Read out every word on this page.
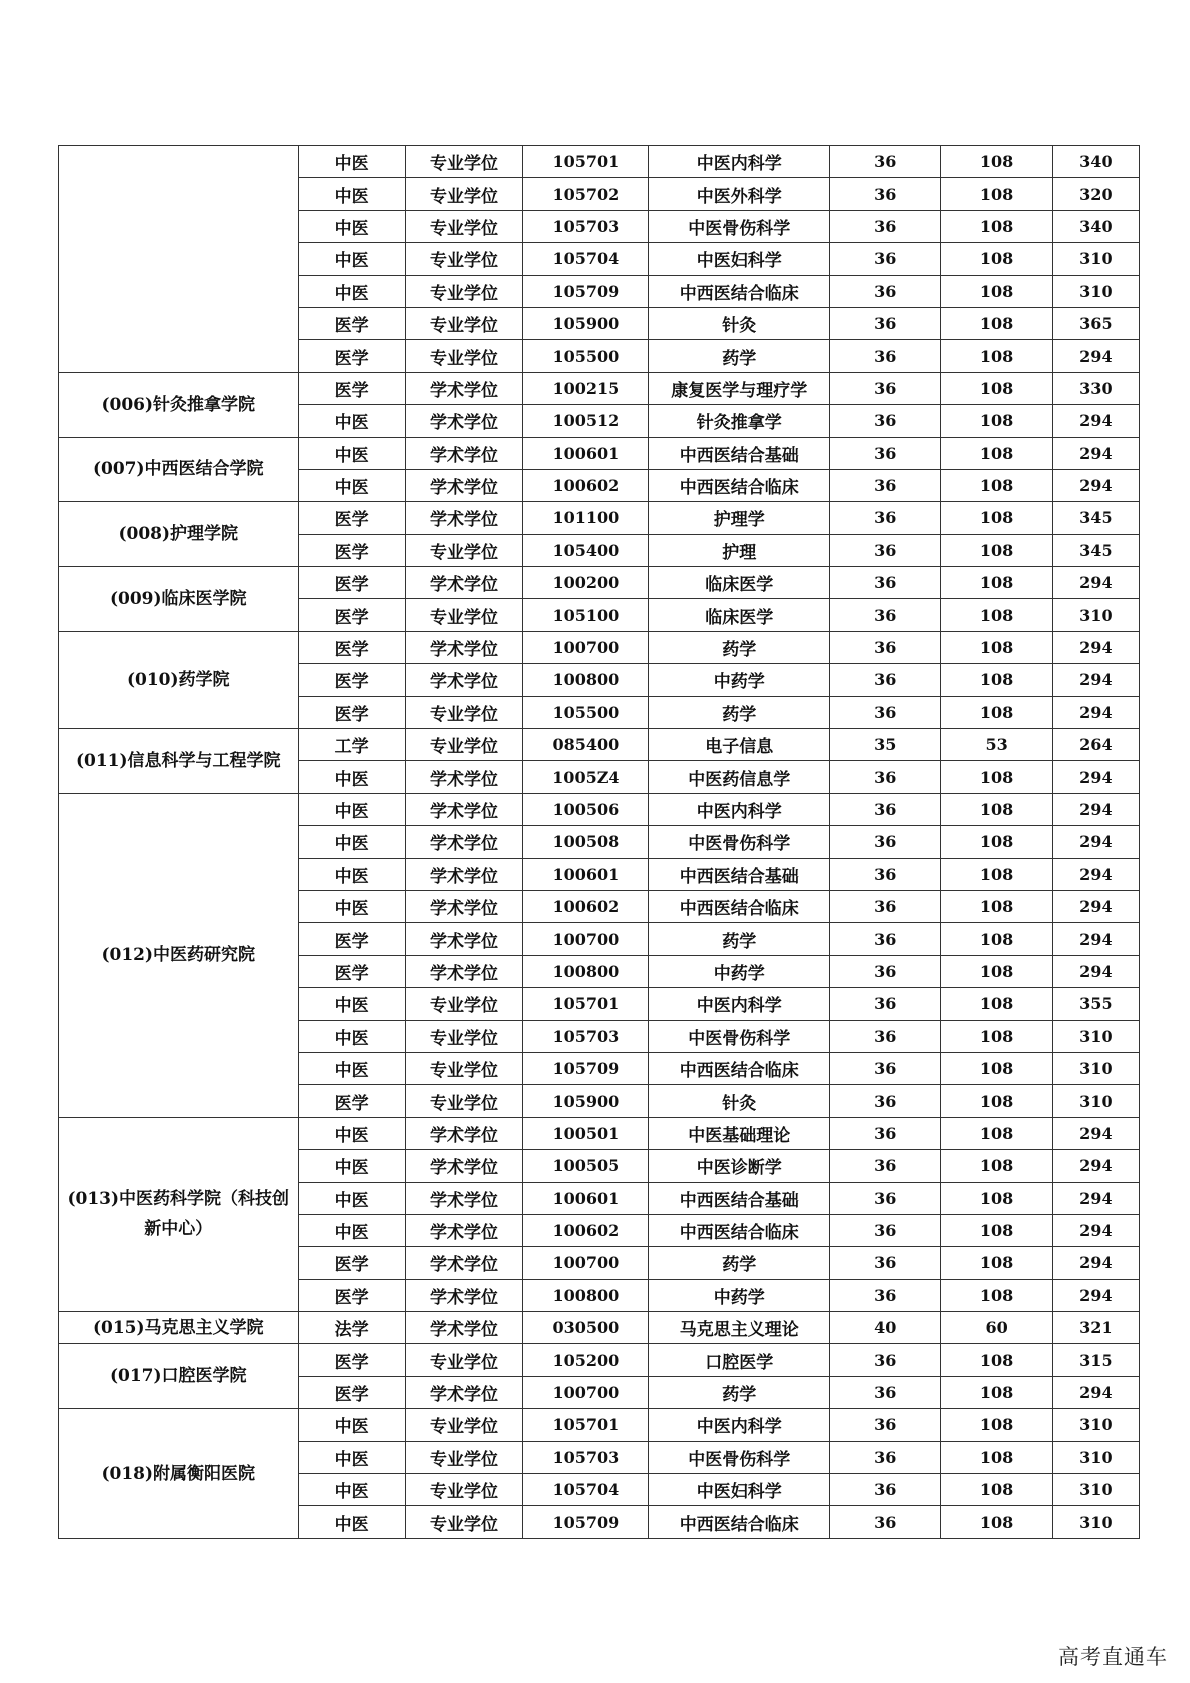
	中医	专业学位	105701	中医内科学	36	108	340
	中医	专业学位	105702	中医外科学	36	108	320
	中医	专业学位	105703	中医骨伤科学	36	108	340
	中医	专业学位	105704	中医妇科学	36	108	310
	中医	专业学位	105709	中西医结合临床	36	108	310
	医学	专业学位	105900	针灸	36	108	365
	医学	专业学位	105500	药学	36	108	294
(006)针灸推拿学院	医学	学术学位	100215	康复医学与理疗学	36	108	330
	中医	学术学位	100512	针灸推拿学	36	108	294
(007)中西医结合学院	中医	学术学位	100601	中西医结合基础	36	108	294
	中医	学术学位	100602	中西医结合临床	36	108	294
(008)护理学院	医学	学术学位	101100	护理学	36	108	345
	医学	专业学位	105400	护理	36	108	345
(009)临床医学院	医学	学术学位	100200	临床医学	36	108	294
	医学	专业学位	105100	临床医学	36	108	310
(010)药学院	医学	学术学位	100700	药学	36	108	294
	医学	学术学位	100800	中药学	36	108	294
	医学	专业学位	105500	药学	36	108	294
(011)信息科学与工程学院	工学	专业学位	085400	电子信息	35	53	264
	中医	学术学位	1005Z4	中医药信息学	36	108	294
(012)中医药研究院	中医	学术学位	100506	中医内科学	36	108	294
	中医	学术学位	100508	中医骨伤科学	36	108	294
	中医	学术学位	100601	中西医结合基础	36	108	294
	中医	学术学位	100602	中西医结合临床	36	108	294
	医学	学术学位	100700	药学	36	108	294
	医学	学术学位	100800	中药学	36	108	294
	中医	专业学位	105701	中医内科学	36	108	355
	中医	专业学位	105703	中医骨伤科学	36	108	310
	中医	专业学位	105709	中西医结合临床	36	108	310
	医学	专业学位	105900	针灸	36	108	310
(013)中医药科学院（科技创新中心）	中医	学术学位	100501	中医基础理论	36	108	294
	中医	学术学位	100505	中医诊断学	36	108	294
	中医	学术学位	100601	中西医结合基础	36	108	294
	中医	学术学位	100602	中西医结合临床	36	108	294
	医学	学术学位	100700	药学	36	108	294
	医学	学术学位	100800	中药学	36	108	294
(015)马克思主义学院	法学	学术学位	030500	马克思主义理论	40	60	321
(017)口腔医学院	医学	专业学位	105200	口腔医学	36	108	315
	医学	学术学位	100700	药学	36	108	294
(018)附属衡阳医院	中医	专业学位	105701	中医内科学	36	108	310
	中医	专业学位	105703	中医骨伤科学	36	108	310
	中医	专业学位	105704	中医妇科学	36	108	310
	中医	专业学位	105709	中西医结合临床	36	108	310
高考直通车
